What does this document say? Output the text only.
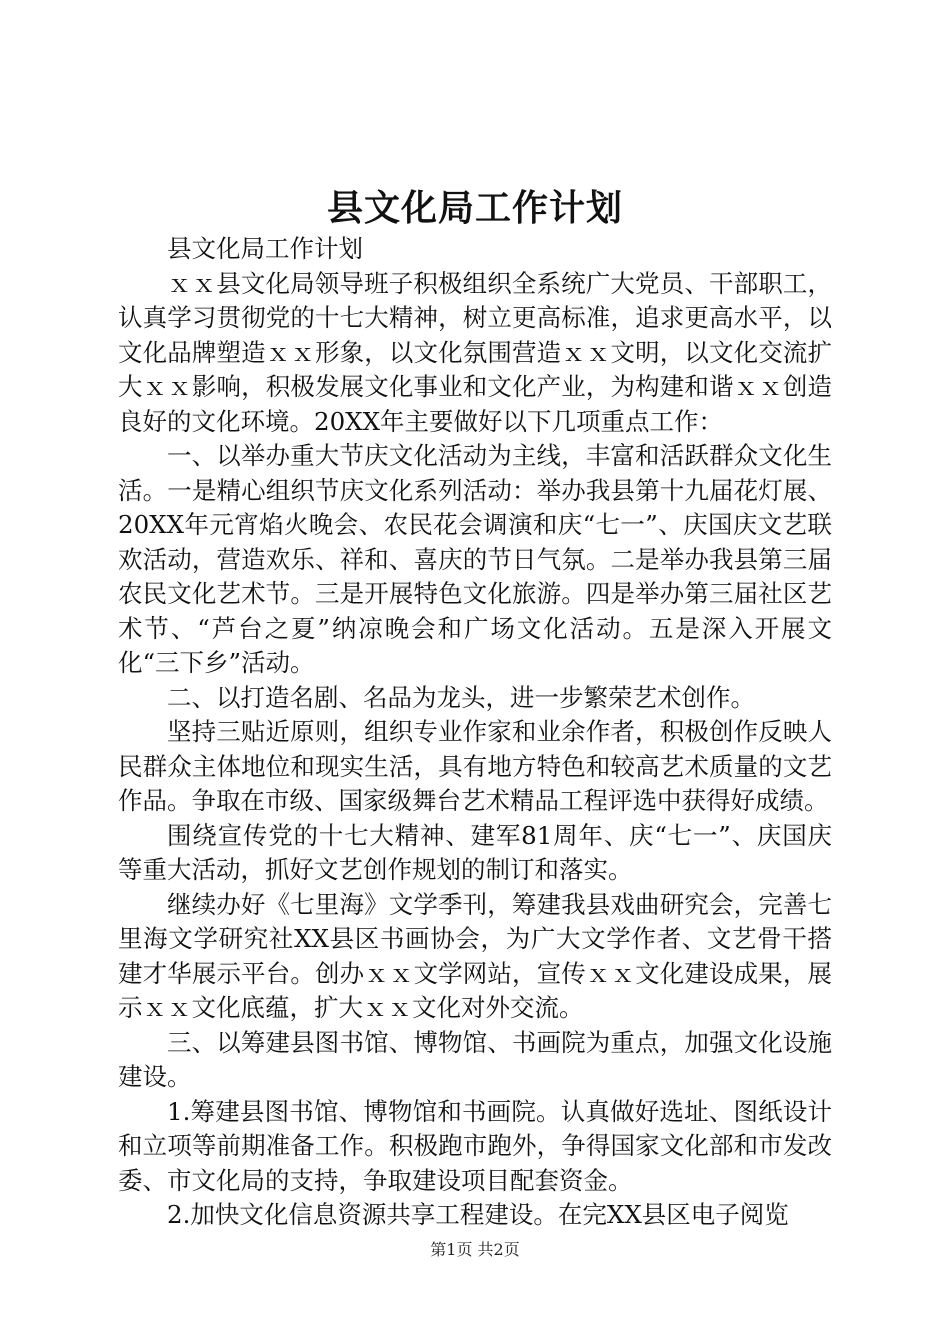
县文化局工作计划

县文化局工作计划

ｘｘ县文化局领导班子积极组织全系统广大党员、干部职工，认真学习贯彻党的十七大精神，树立更高标准，追求更高水平，以文化品牌塑造ｘｘ形象，以文化氛围营造ｘｘ文明，以文化交流扩大ｘｘ影响，积极发展文化事业和文化产业，为构建和谐ｘｘ创造良好的文化环境。20XX年主要做好以下几项重点工作：

一、以举办重大节庆文化活动为主线，丰富和活跃群众文化生活。一是精心组织节庆文化系列活动：举办我县第十九届花灯展、20XX年元宵焰火晚会、农民花会调演和庆“七一”、庆国庆文艺联欢活动，营造欢乐、祥和、喜庆的节日气氛。二是举办我县第三届农民文化艺术节。三是开展特色文化旅游。四是举办第三届社区艺术节、“芦台之夏”纳凉晚会和广场文化活动。五是深入开展文化“三下乡”活动。

二、以打造名剧、名品为龙头，进一步繁荣艺术创作。

坚持三贴近原则，组织专业作家和业余作者，积极创作反映人民群众主体地位和现实生活，具有地方特色和较高艺术质量的文艺作品。争取在市级、国家级舞台艺术精品工程评选中获得好成绩。

围绕宣传党的十七大精神、建军81周年、庆“七一”、庆国庆等重大活动，抓好文艺创作规划的制订和落实。

继续办好《七里海》文学季刊，筹建我县戏曲研究会，完善七里海文学研究社XX县区书画协会，为广大文学作者、文艺骨干搭建才华展示平台。创办ｘｘ文学网站，宣传ｘｘ文化建设成果，展示ｘｘ文化底蕴，扩大ｘｘ文化对外交流。

三、以筹建县图书馆、博物馆、书画院为重点，加强文化设施建设。

1.筹建县图书馆、博物馆和书画院。认真做好选址、图纸设计和立项等前期准备工作。积极跑市跑外，争得国家文化部和市发改委、市文化局的支持，争取建设项目配套资金。

2.加快文化信息资源共享工程建设。在完XX县区电子阅览

第1页 共2页
